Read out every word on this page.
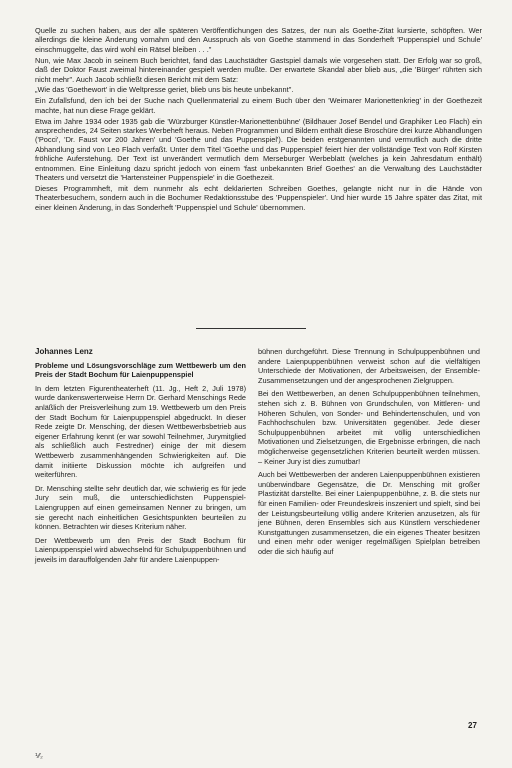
Quelle zu suchen haben, aus der alle späteren Veröffentlichungen des Satzes, der nun als Goethe-Zitat kursierte, schöpften. Wer allerdings die kleine Änderung vornahm und den Ausspruch als von Goethe stammend in das Sonderheft 'Puppenspiel und Schule' einschmuggelte, das wird wohl ein Rätsel bleiben . . ."

Nun, wie Max Jacob in seinem Buch berichtet, fand das Lauchstädter Gastspiel damals wie vorgesehen statt. Der Erfolg war so groß, daß der Doktor Faust zweimal hintereinander gespielt werden mußte. Der erwartete Skandal aber blieb aus, „die 'Bürger' rührten sich nicht mehr". Auch Jacob schließt diesen Bericht mit dem Satz:

„Wie das 'Goethewort' in die Weltpresse geriet, blieb uns bis heute unbekannt".

Ein Zufallsfund, den ich bei der Suche nach Quellenmaterial zu einem Buch über den 'Weimarer Marionettenkrieg' in der Goethezeit machte, hat nun diese Frage geklärt.

Etwa im Jahre 1934 oder 1935 gab die 'Würzburger Künstler-Marionettenbühne' (Bildhauer Josef Bendel und Graphiker Leo Flach) ein ansprechendes, 24 Seiten starkes Werbeheft heraus. Neben Programmen und Bildern enthält diese Broschüre drei kurze Abhandlungen ('Pocci', 'Dr. Faust vor 200 Jahren' und 'Goethe und das Puppenspiel'). Die beiden erstgenannten und vermutlich auch die dritte Abhandlung sind von Leo Flach verfaßt. Unter dem Titel 'Goethe und das Puppenspiel' feiert hier der vollständige Text von Rolf Kirsten fröhliche Auferstehung. Der Text ist unverändert vermutlich dem Merseburger Werbeblatt (welches ja kein Jahresdatum enthält) entnommen. Eine Einleitung dazu spricht jedoch von einem 'fast unbekannten Brief Goethes' an die Verwaltung des Lauchstädter Theaters und versetzt die 'Hartensteiner Puppenspiele' in die Goethezeit.

Dieses Programmheft, mit dem nunmehr als echt deklarierten Schreiben Goethes, gelangte nicht nur in die Hände von Theaterbesuchern, sondern auch in die Bochumer Redaktionsstube des 'Puppenspieler'. Und hier wurde 15 Jahre später das Zitat, mit einer kleinen Änderung, in das Sonderheft 'Puppenspiel und Schule' übernommen.

Johannes Lenz

Probleme und Lösungsvorschläge zum Wettbewerb um den Preis der Stadt Bochum für Laienpuppenspiel

In dem letzten Figurentheaterheft (11. Jg., Heft 2, Juli 1978) wurde dankenswerterweise Herrn Dr. Gerhard Menschings Rede anläßlich der Preisverleihung zum 19. Wettbewerb um den Preis der Stadt Bochum für Laienpuppenspiel abgedruckt. In dieser Rede zeigte Dr. Mensching, der diesen Wettbewerbsbetrieb aus eigener Erfahrung kennt (er war sowohl Teilnehmer, Jurymitglied als schließlich auch Festredner) einige der mit diesem Wettbewerb zusammenhängenden Schwierigkeiten auf. Die damit initiierte Diskussion möchte ich aufgreifen und weiterführen.

Dr. Mensching stellte sehr deutlich dar, wie schwierig es für jede Jury sein muß, die unterschiedlichsten Puppenspiel-Laiengruppen auf einen gemeinsamen Nenner zu bringen, um sie gerecht nach einheitlichen Gesichtspunkten beurteilen zu können. Betrachten wir dieses Kriterium näher.

Der Wettbewerb um den Preis der Stadt Bochum für Laienpuppenspiel wird abwechselnd für Schulpuppenbühnen und jeweils im darauffolgenden Jahr für andere Laienpuppen-

bühnen durchgeführt. Diese Trennung in Schulpuppenbühnen und andere Laienpuppenbühnen verweist schon auf die vielfältigen Unterschiede der Motivationen, der Arbeitsweisen, der Ensemble-Zusammensetzungen und der angesprochenen Zielgruppen.

Bei den Wettbewerben, an denen Schulpuppenbühnen teilnehmen, stehen sich z. B. Bühnen von Grundschulen, von Mittleren- und Höheren Schulen, von Sonder- und Behindertenschulen, und von Fachhochschulen bzw. Universitäten gegenüber. Jede dieser Schulpuppenbühnen arbeitet mit völlig unterschiedlichen Motivationen und Zielsetzungen, die Ergebnisse erbringen, die nach möglicherweise gegensetzlichen Kriterien beurteilt werden müssen. – Keiner Jury ist dies zumutbar!

Auch bei Wettbewerben der anderen Laienpuppenbühnen existieren unüberwindbare Gegensätze, die Dr. Mensching mit großer Plastizität darstellte. Bei einer Laienpuppenbühne, z. B. die stets nur für einen Familien- oder Freundeskreis inszeniert und spielt, sind bei der Leistungsbeurteilung völlig andere Kriterien anzusetzen, als für jene Bühnen, deren Ensembles sich aus Künstlern verschiedener Kunstgattungen zusammensetzen, die ein eigenes Theater besitzen und einen mehr oder weniger regelmäßigen Spielplan betreiben oder die sich häufig auf

27
⅟⁄₂
